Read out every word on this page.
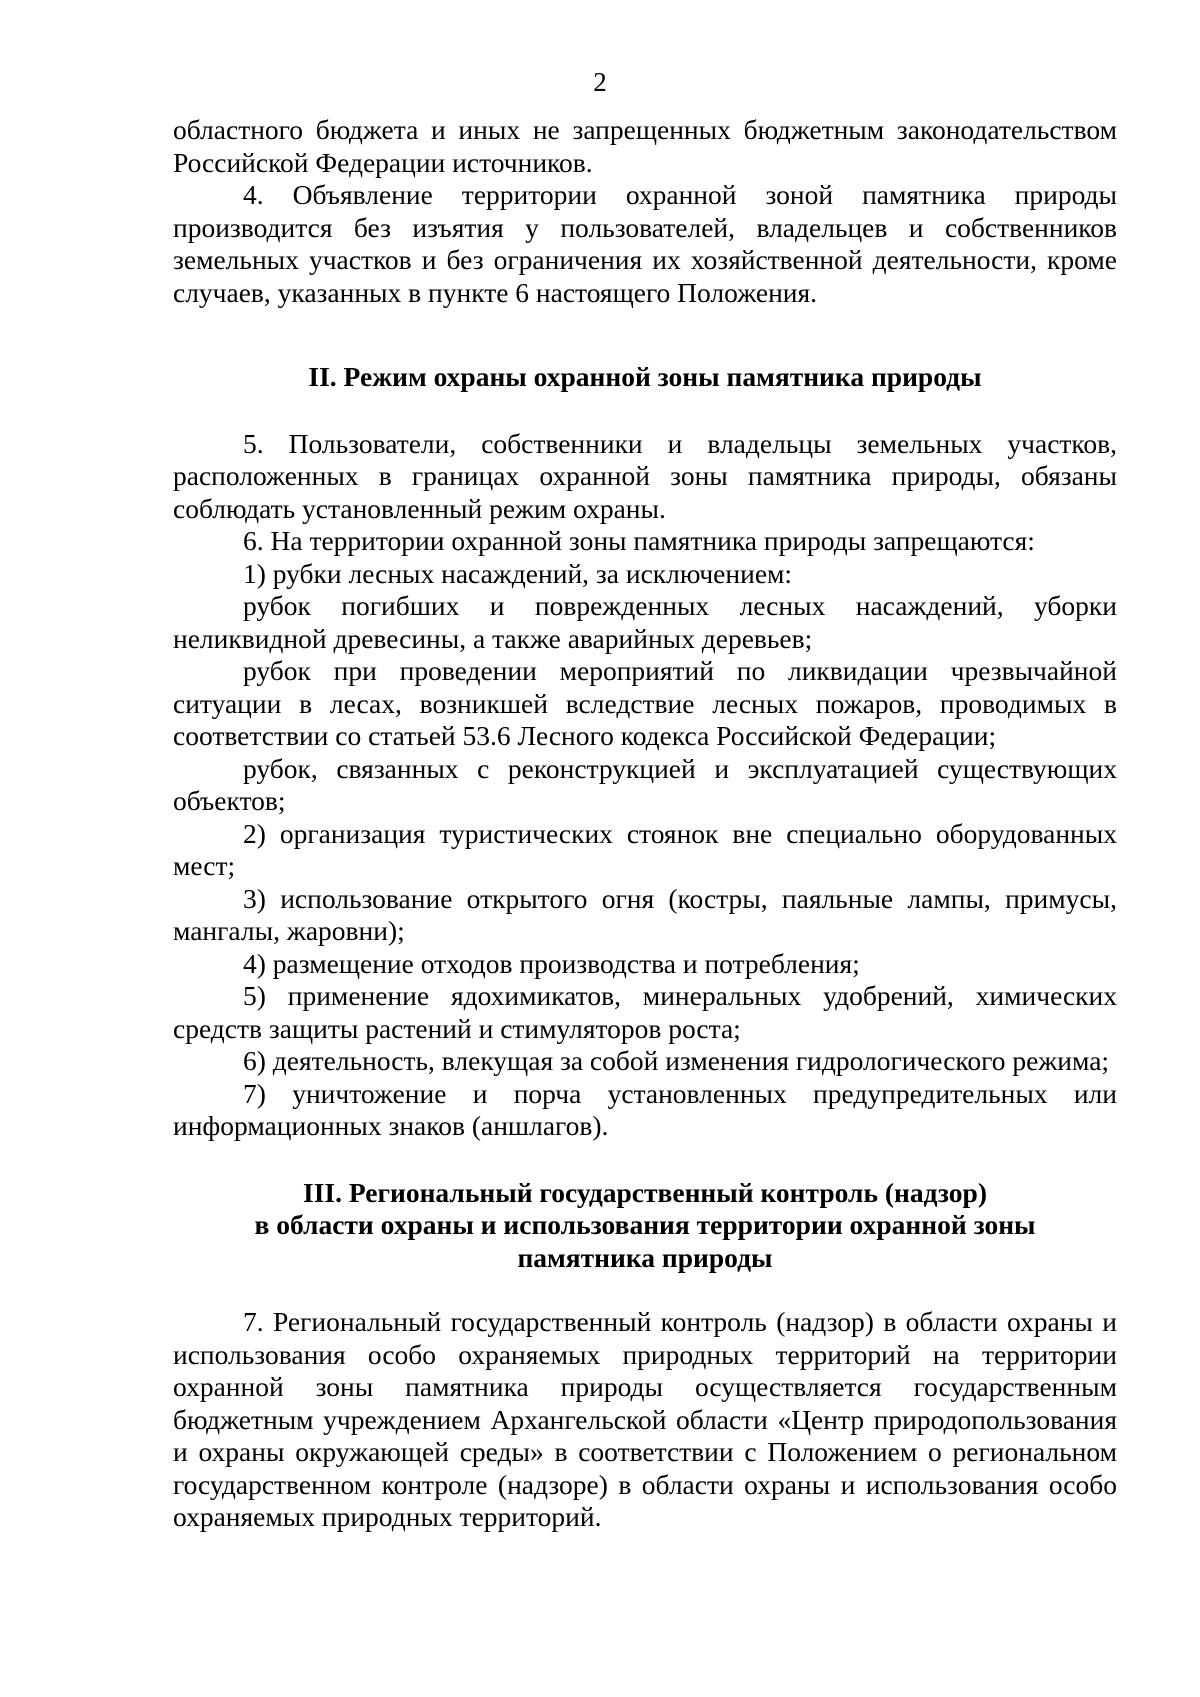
2

областного бюджета и иных не запрещенных бюджетным законодательством Российской Федерации источников.

4. Объявление территории охранной зоной памятника природы производится без изъятия у пользователей, владельцев и собственников земельных участков и без ограничения их хозяйственной деятельности, кроме случаев, указанных в пункте 6 настоящего Положения.

II. Режим охраны охранной зоны памятника природы

5. Пользователи, собственники и владельцы земельных участков, расположенных в границах охранной зоны памятника природы, обязаны соблюдать установленный режим охраны.

6. На территории охранной зоны памятника природы запрещаются:

1) рубки лесных насаждений, за исключением:

рубок погибших и поврежденных лесных насаждений, уборки неликвидной древесины, а также аварийных деревьев;

рубок при проведении мероприятий по ликвидации чрезвычайной ситуации в лесах, возникшей вследствие лесных пожаров, проводимых в соответствии со статьей 53.6 Лесного кодекса Российской Федерации;

рубок, связанных с реконструкцией и эксплуатацией существующих объектов;

2) организация туристических стоянок вне специально оборудованных мест;

3) использование открытого огня (костры, паяльные лампы, примусы, мангалы, жаровни);

4) размещение отходов производства и потребления;

5) применение ядохимикатов, минеральных удобрений, химических средств защиты растений и стимуляторов роста;

6) деятельность, влекущая за собой изменения гидрологического режима;

7) уничтожение и порча установленных предупредительных или информационных знаков (аншлагов).

III. Региональный государственный контроль (надзор)
в области охраны и использования территории охранной зоны
памятника природы

7. Региональный государственный контроль (надзор) в области охраны и использования особо охраняемых природных территорий на территории охранной зоны памятника природы осуществляется государственным бюджетным учреждением Архангельской области «Центр природопользования и охраны окружающей среды» в соответствии с Положением о региональном государственном контроле (надзоре) в области охраны и использования особо охраняемых природных территорий.
